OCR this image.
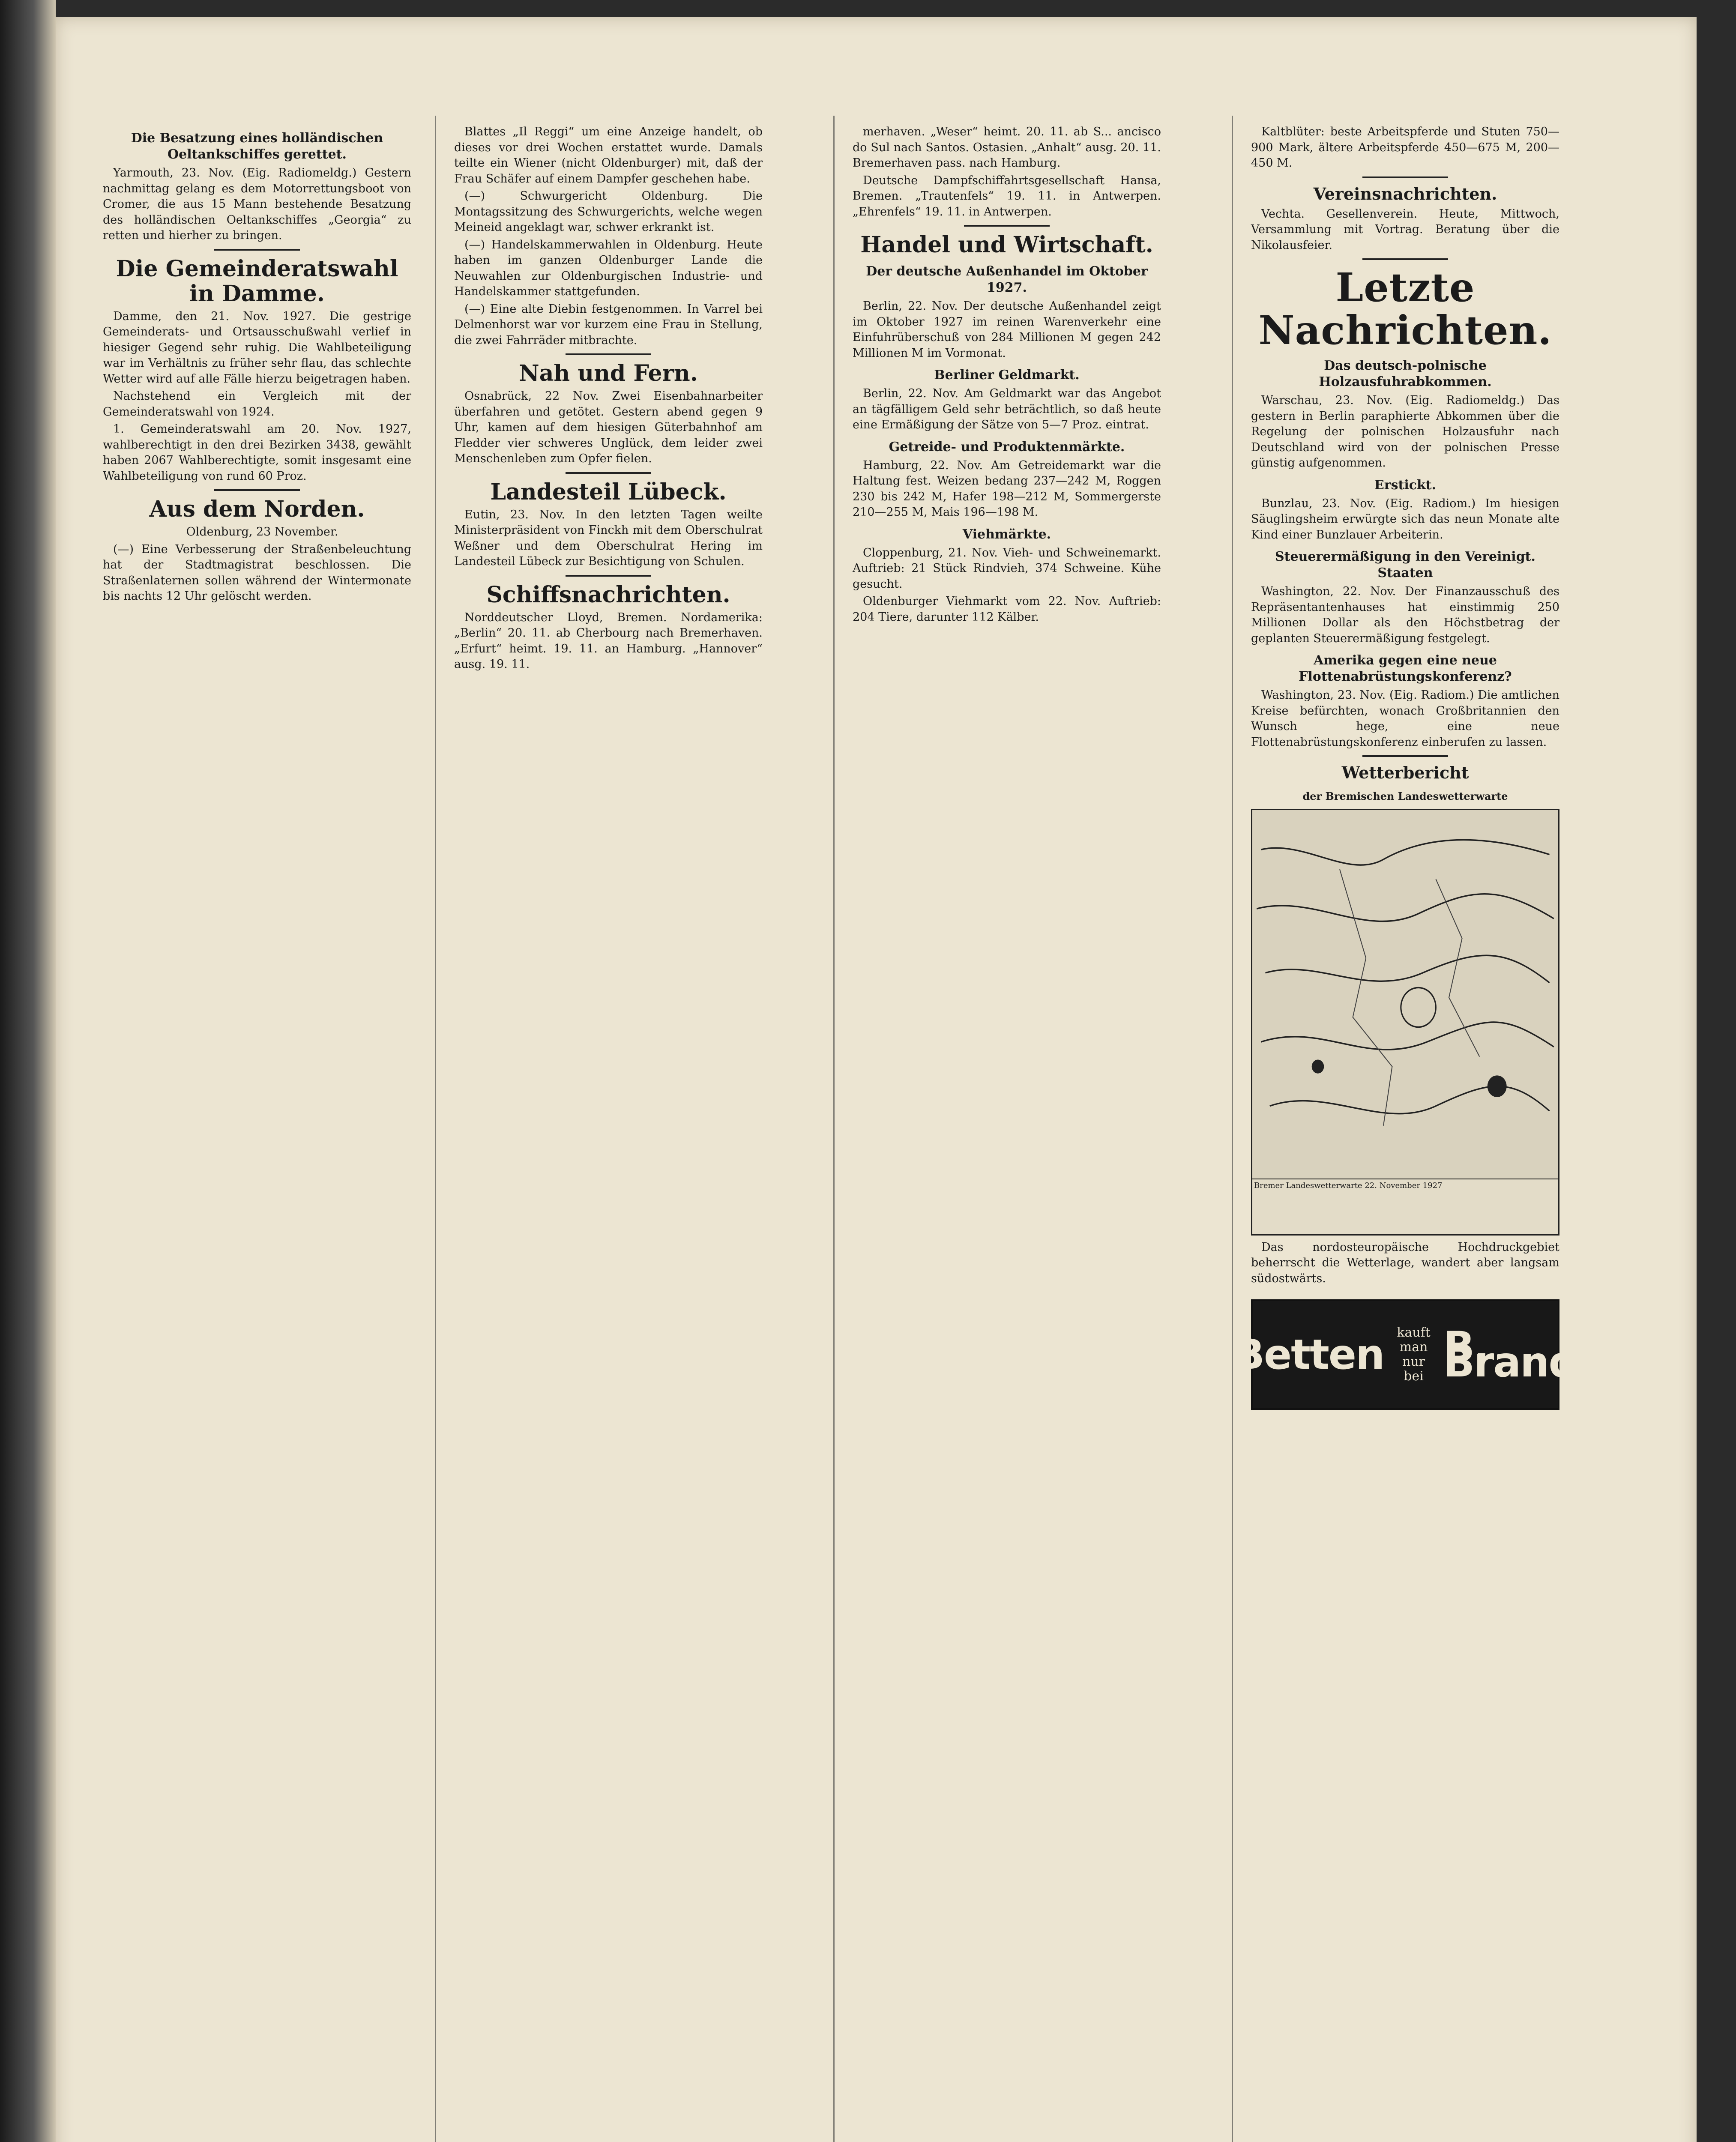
Die Besatzung eines holländischen Oeltankschiffes gerettet.

Yarmouth, 23. Nov. (Eig. Radiomeldg.) Gestern nachmittag gelang es dem Motorrettungsboot von Cromer, die aus 15 Mann bestehende Besatzung des holländischen Oeltankschiffes „Georgia“ zu retten und hierher zu bringen.

Die Gemeinderatswahl in Damme.

Damme, den 21. Nov. 1927. Die gestrige Gemeinderats- und Ortsausschußwahl verlief in hiesiger Gegend sehr ruhig. Die Wahlbeteiligung war im Verhältnis zu früher sehr flau, das schlechte Wetter wird auf alle Fälle hierzu beigetragen haben.

Nachstehend ein Vergleich mit der Gemeinderatswahl von 1924.

1. Gemeinderatswahl am 20. Nov. 1927, wahlberechtigt in den drei Bezirken 3438, gewählt haben 2067 Wahlberechtigte, somit insgesamt eine Wahlbeteiligung von rund 60 Proz.

Aus dem Norden.

Oldenburg, 23 November.

(—) Eine Verbesserung der Straßenbeleuchtung hat der Stadtmagistrat beschlossen. Die Straßenlaternen sollen während der Wintermonate bis nachts 12 Uhr gelöscht werden.

Blattes „Il Reggi“ um eine Anzeige handelt, ob dieses vor drei Wochen erstattet wurde. Damals teilte ein Wiener (nicht Oldenburger) mit, daß der Frau Schäfer auf einem Dampfer geschehen habe.

(—) Schwurgericht Oldenburg. Die Montagssitzung des Schwurgerichts, welche wegen Meineid angeklagt war, schwer erkrankt ist.

(—) Handelskammerwahlen in Oldenburg. Heute haben im ganzen Oldenburger Lande die Neuwahlen zur Oldenburgischen Industrie- und Handelskammer stattgefunden.

(—) Eine alte Diebin festgenommen. In Varrel bei Delmenhorst war vor kurzem eine Frau in Stellung, die zwei Fahrräder mitbrachte.

Nah und Fern.

Osnabrück, 22 Nov. Zwei Eisenbahnarbeiter überfahren und getötet. Gestern abend gegen 9 Uhr, kamen auf dem hiesigen Güterbahnhof am Fledder vier schweres Unglück, dem leider zwei Menschenleben zum Opfer fielen.

Landesteil Lübeck.

Eutin, 23. Nov. In den letzten Tagen weilte Ministerpräsident von Finckh mit dem Oberschulrat Weßner und dem Oberschulrat Hering im Landesteil Lübeck zur Besichtigung von Schulen.

Schiffsnachrichten.

Norddeutscher Lloyd, Bremen. Nordamerika: „Berlin“ 20. 11. ab Cherbourg nach Bremerhaven. „Erfurt“ heimt. 19. 11. an Hamburg. „Hannover“ ausg. 19. 11.

merhaven. „Weser“ heimt. 20. 11. ab S... ancisco do Sul nach Santos. Ostasien. „Anhalt“ ausg. 20. 11. Bremerhaven pass. nach Hamburg.

Deutsche Dampfschiffahrtsgesellschaft Hansa, Bremen. „Trautenfels“ 19. 11. in Antwerpen. „Ehrenfels“ 19. 11. in Antwerpen.

Handel und Wirtschaft.
Der deutsche Außenhandel im Oktober 1927.

Berlin, 22. Nov. Der deutsche Außenhandel zeigt im Oktober 1927 im reinen Warenverkehr eine Einfuhrüberschuß von 284 Millionen M gegen 242 Millionen M im Vormonat.

Berliner Geldmarkt.

Berlin, 22. Nov. Am Geldmarkt war das Angebot an tägfälligem Geld sehr beträchtlich, so daß heute eine Ermäßigung der Sätze von 5—7 Proz. eintrat.

Getreide- und Produktenmärkte.

Hamburg, 22. Nov. Am Getreidemarkt war die Haltung fest. Weizen bedang 237—242 M, Roggen 230 bis 242 M, Hafer 198—212 M, Sommergerste 210—255 M, Mais 196—198 M.

Viehmärkte.

Cloppenburg, 21. Nov. Vieh- und Schweinemarkt. Auftrieb: 21 Stück Rindvieh, 374 Schweine. Kühe gesucht.

Oldenburger Viehmarkt vom 22. Nov. Auftrieb: 204 Tiere, darunter 112 Kälber.

Kaltblüter: beste Arbeitspferde und Stuten 750—900 Mark, ältere Arbeitspferde 450—675 M, 200—450 M.

Vereinsnachrichten.

Vechta. Gesellenverein. Heute, Mittwoch, Versammlung mit Vortrag. Beratung über die Nikolausfeier.

Letzte Nachrichten.
Das deutsch-polnische Holzausfuhrabkommen.

Warschau, 23. Nov. (Eig. Radiomeldg.) Das gestern in Berlin paraphierte Abkommen über die Regelung der polnischen Holzausfuhr nach Deutschland wird von der polnischen Presse günstig aufgenommen.

Erstickt.

Bunzlau, 23. Nov. (Eig. Radiom.) Im hiesigen Säuglingsheim erwürgte sich das neun Monate alte Kind einer Bunzlauer Arbeiterin.

Steuerermäßigung in den Vereinigt. Staaten

Washington, 22. Nov. Der Finanzausschuß des Repräsentantenhauses hat einstimmig 250 Millionen Dollar als den Höchstbetrag der geplanten Steuerermäßigung festgelegt.

Amerika gegen eine neue Flottenabrüstungskonferenz?

Washington, 23. Nov. (Eig. Radiom.) Die amtlichen Kreise befürchten, wonach Großbritannien den Wunsch hege, eine neue Flottenabrüstungskonferenz einberufen zu lassen.

Wetterbericht
der Bremischen Landeswetterwarte
Bremer Landeswetterwarte 22. November 1927

Das nordosteuropäische Hochdruckgebiet beherrscht die Wetterlage, wandert aber langsam südostwärts.

Betten kauft man
nur bei
B. Brand
